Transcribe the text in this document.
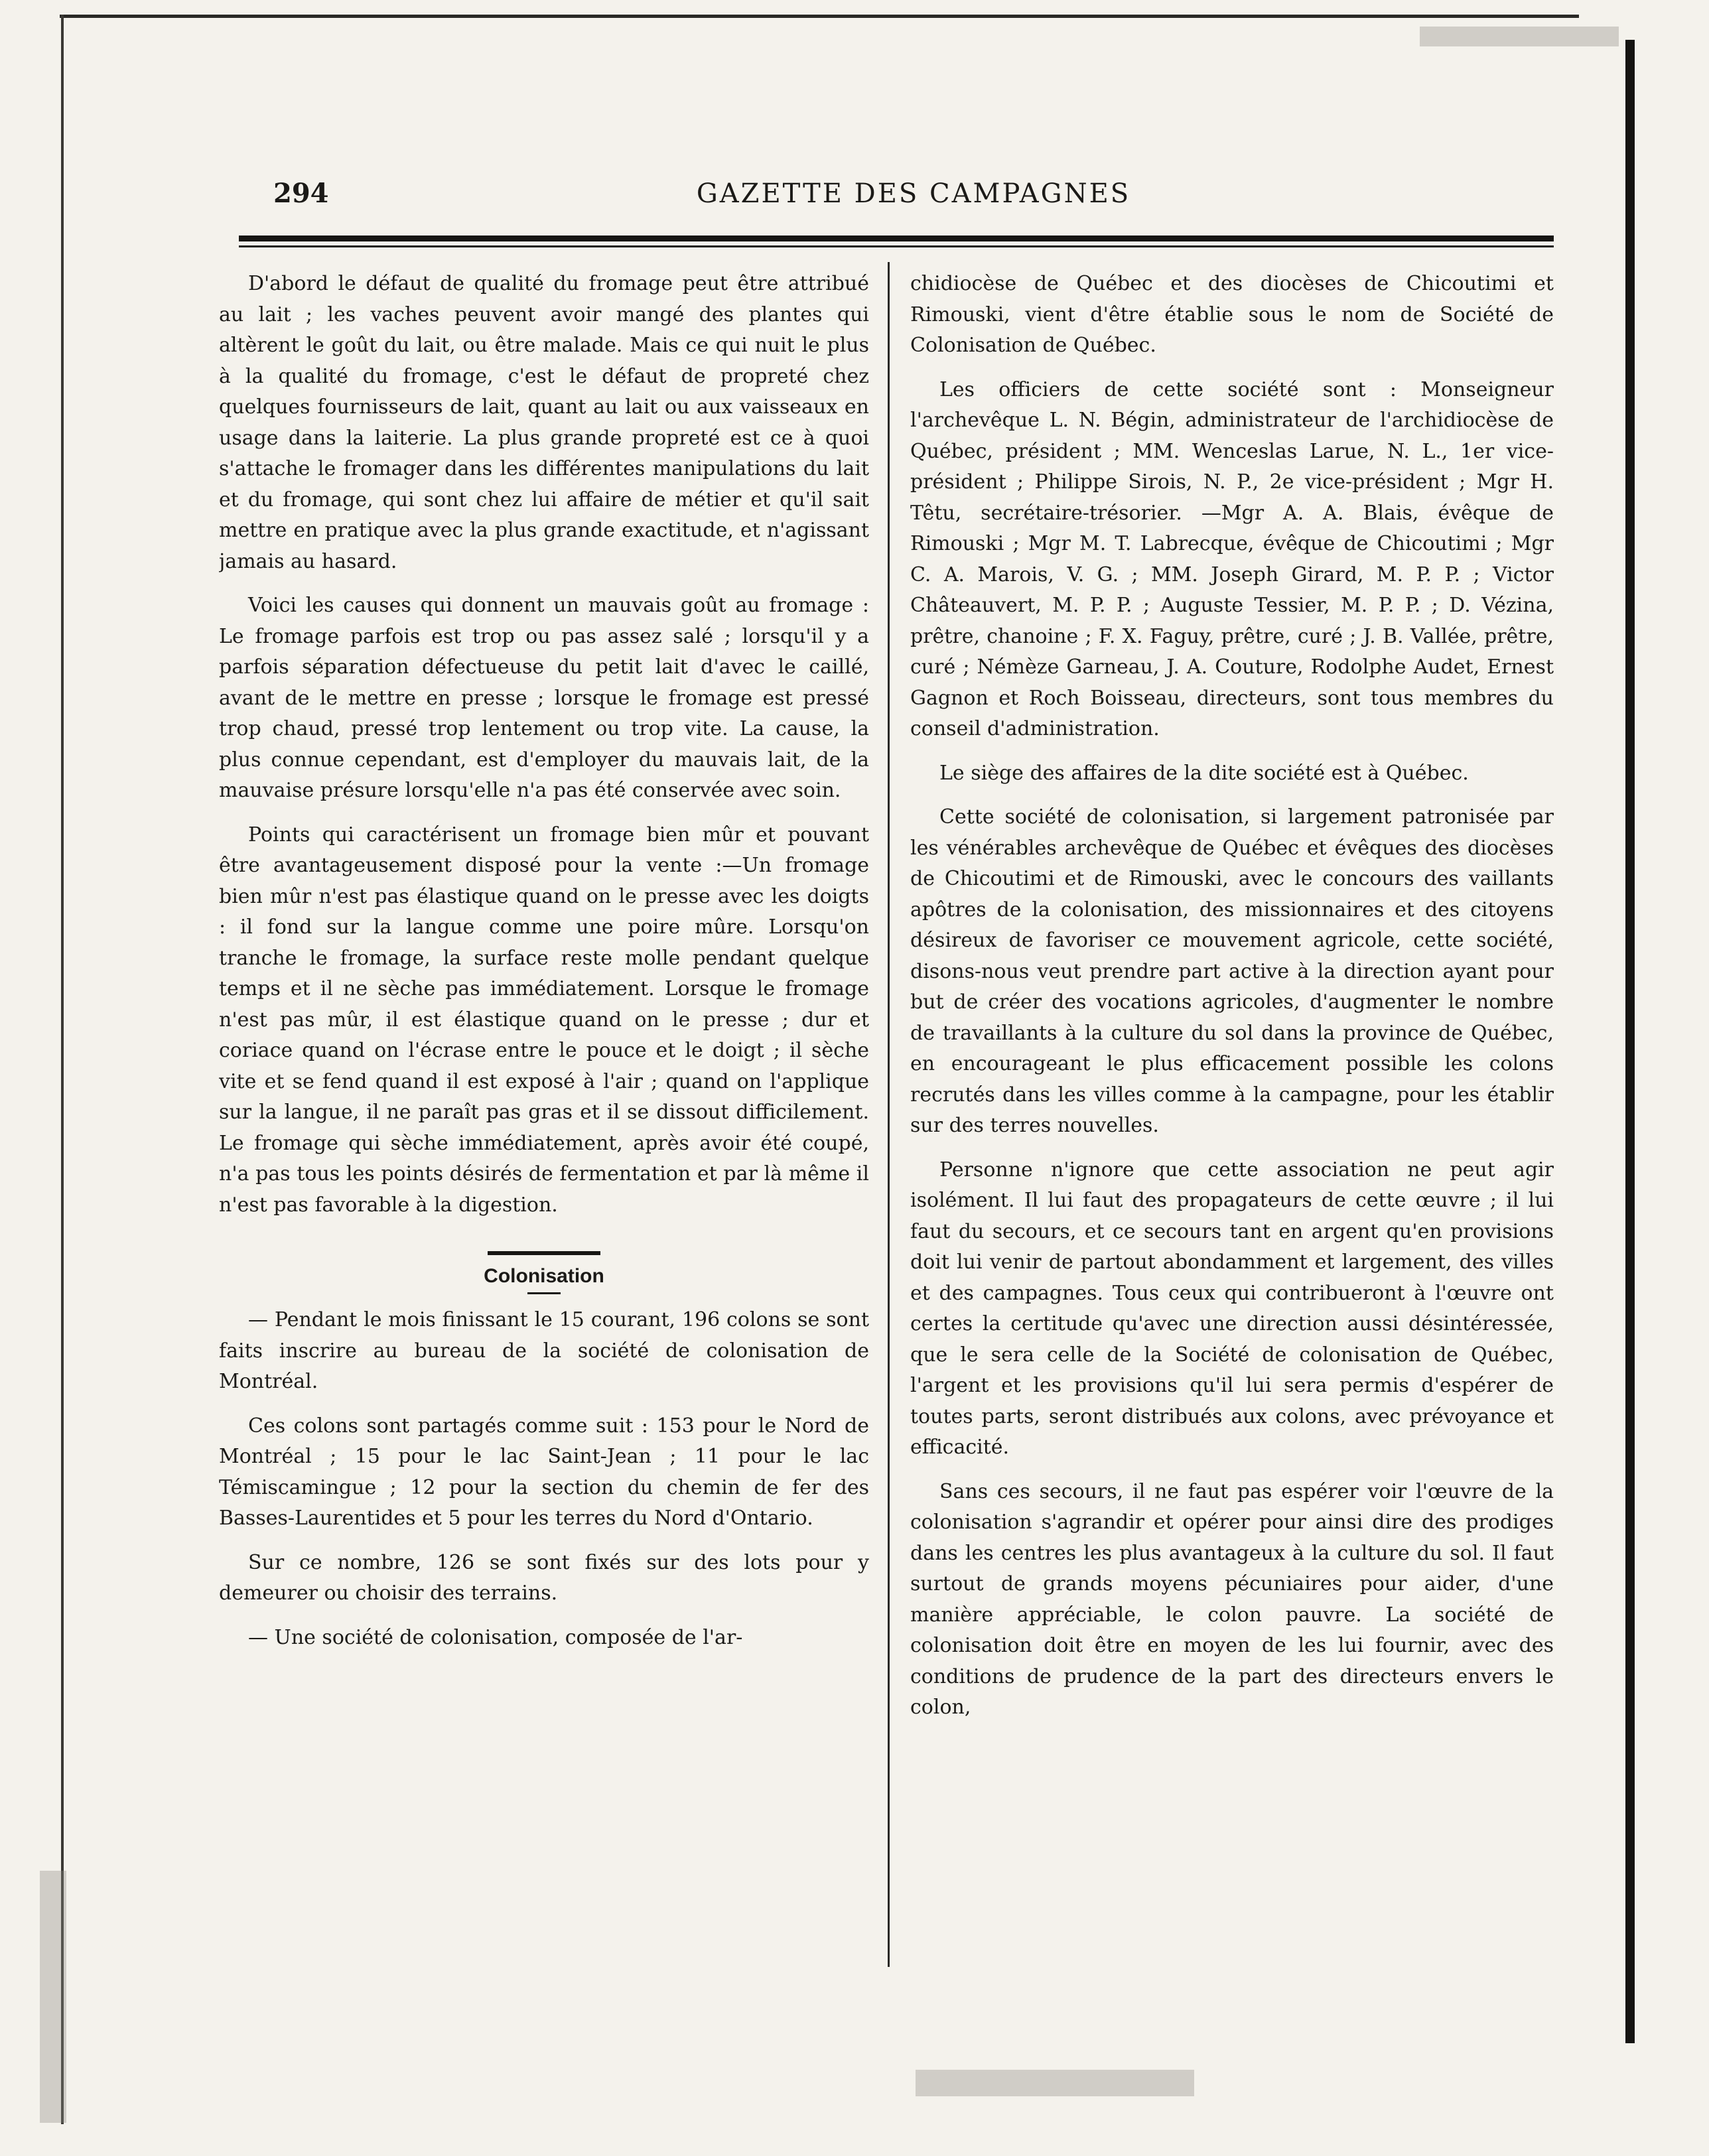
294	GAZETTE DES CAMPAGNES

D'abord le défaut de qualité du fromage peut être attribué au lait ; les vaches peuvent avoir mangé des plantes qui altèrent le goût du lait, ou être malade. Mais ce qui nuit le plus à la qualité du fromage, c'est le défaut de propreté chez quelques fournisseurs de lait, quant au lait ou aux vaisseaux en usage dans la laiterie. La plus grande propreté est ce à quoi s'attache le fromager dans les différentes manipulations du lait et du fromage, qui sont chez lui affaire de métier et qu'il sait mettre en pratique avec la plus grande exactitude, et n'agissant jamais au hasard.

Voici les causes qui donnent un mauvais goût au fromage : Le fromage parfois est trop ou pas assez salé ; lorsqu'il y a parfois séparation défectueuse du petit lait d'avec le caillé, avant de le mettre en presse ; lorsque le fromage est pressé trop chaud, pressé trop lentement ou trop vite. La cause, la plus connue cependant, est d'employer du mauvais lait, de la mauvaise présure lorsqu'elle n'a pas été conservée avec soin.

Points qui caractérisent un fromage bien mûr et pouvant être avantageusement disposé pour la vente :—Un fromage bien mûr n'est pas élastique quand on le presse avec les doigts : il fond sur la langue comme une poire mûre. Lorsqu'on tranche le fromage, la surface reste molle pendant quelque temps et il ne sèche pas immédiatement. Lorsque le fromage n'est pas mûr, il est élastique quand on le presse ; dur et coriace quand on l'écrase entre le pouce et le doigt ; il sèche vite et se fend quand il est exposé à l'air ; quand on l'applique sur la langue, il ne paraît pas gras et il se dissout difficilement. Le fromage qui sèche immédiatement, après avoir été coupé, n'a pas tous les points désirés de fermentation et par là même il n'est pas favorable à la digestion.

Colonisation

— Pendant le mois finissant le 15 courant, 196 colons se sont faits inscrire au bureau de la société de colonisation de Montréal.

Ces colons sont partagés comme suit : 153 pour le Nord de Montréal ; 15 pour le lac Saint-Jean ; 11 pour le lac Témiscamingue ; 12 pour la section du chemin de fer des Basses-Laurentides et 5 pour les terres du Nord d'Ontario.

Sur ce nombre, 126 se sont fixés sur des lots pour y demeurer ou choisir des terrains.

— Une société de colonisation, composée de l'ar-

chidiocèse de Québec et des diocèses de Chicoutimi et Rimouski, vient d'être établie sous le nom de Société de Colonisation de Québec.

Les officiers de cette société sont : Monseigneur l'archevêque L. N. Bégin, administrateur de l'archidiocèse de Québec, président ; MM. Wenceslas Larue, N. L., 1er vice-président ; Philippe Sirois, N. P., 2e vice-président ; Mgr H. Têtu, secrétaire-trésorier. —Mgr A. A. Blais, évêque de Rimouski ; Mgr M. T. Labrecque, évêque de Chicoutimi ; Mgr C. A. Marois, V. G. ; MM. Joseph Girard, M. P. P. ; Victor Châteauvert, M. P. P. ; Auguste Tessier, M. P. P. ; D. Vézina, prêtre, chanoine ; F. X. Faguy, prêtre, curé ; J. B. Vallée, prêtre, curé ; Némèze Garneau, J. A. Couture, Rodolphe Audet, Ernest Gagnon et Roch Boisseau, directeurs, sont tous membres du conseil d'administration.

Le siège des affaires de la dite société est à Québec.

Cette société de colonisation, si largement patronisée par les vénérables archevêque de Québec et évêques des diocèses de Chicoutimi et de Rimouski, avec le concours des vaillants apôtres de la colonisation, des missionnaires et des citoyens désireux de favoriser ce mouvement agricole, cette société, disons-nous veut prendre part active à la direction ayant pour but de créer des vocations agricoles, d'augmenter le nombre de travaillants à la culture du sol dans la province de Québec, en encourageant le plus efficacement possible les colons recrutés dans les villes comme à la campagne, pour les établir sur des terres nouvelles.

Personne n'ignore que cette association ne peut agir isolément. Il lui faut des propagateurs de cette œuvre ; il lui faut du secours, et ce secours tant en argent qu'en provisions doit lui venir de partout abondamment et largement, des villes et des campagnes. Tous ceux qui contribueront à l'œuvre ont certes la certitude qu'avec une direction aussi désintéressée, que le sera celle de la Société de colonisation de Québec, l'argent et les provisions qu'il lui sera permis d'espérer de toutes parts, seront distribués aux colons, avec prévoyance et efficacité.

Sans ces secours, il ne faut pas espérer voir l'œuvre de la colonisation s'agrandir et opérer pour ainsi dire des prodiges dans les centres les plus avantageux à la culture du sol. Il faut surtout de grands moyens pécuniaires pour aider, d'une manière appréciable, le colon pauvre. La société de colonisation doit être en moyen de les lui fournir, avec des conditions de prudence de la part des directeurs envers le colon,
